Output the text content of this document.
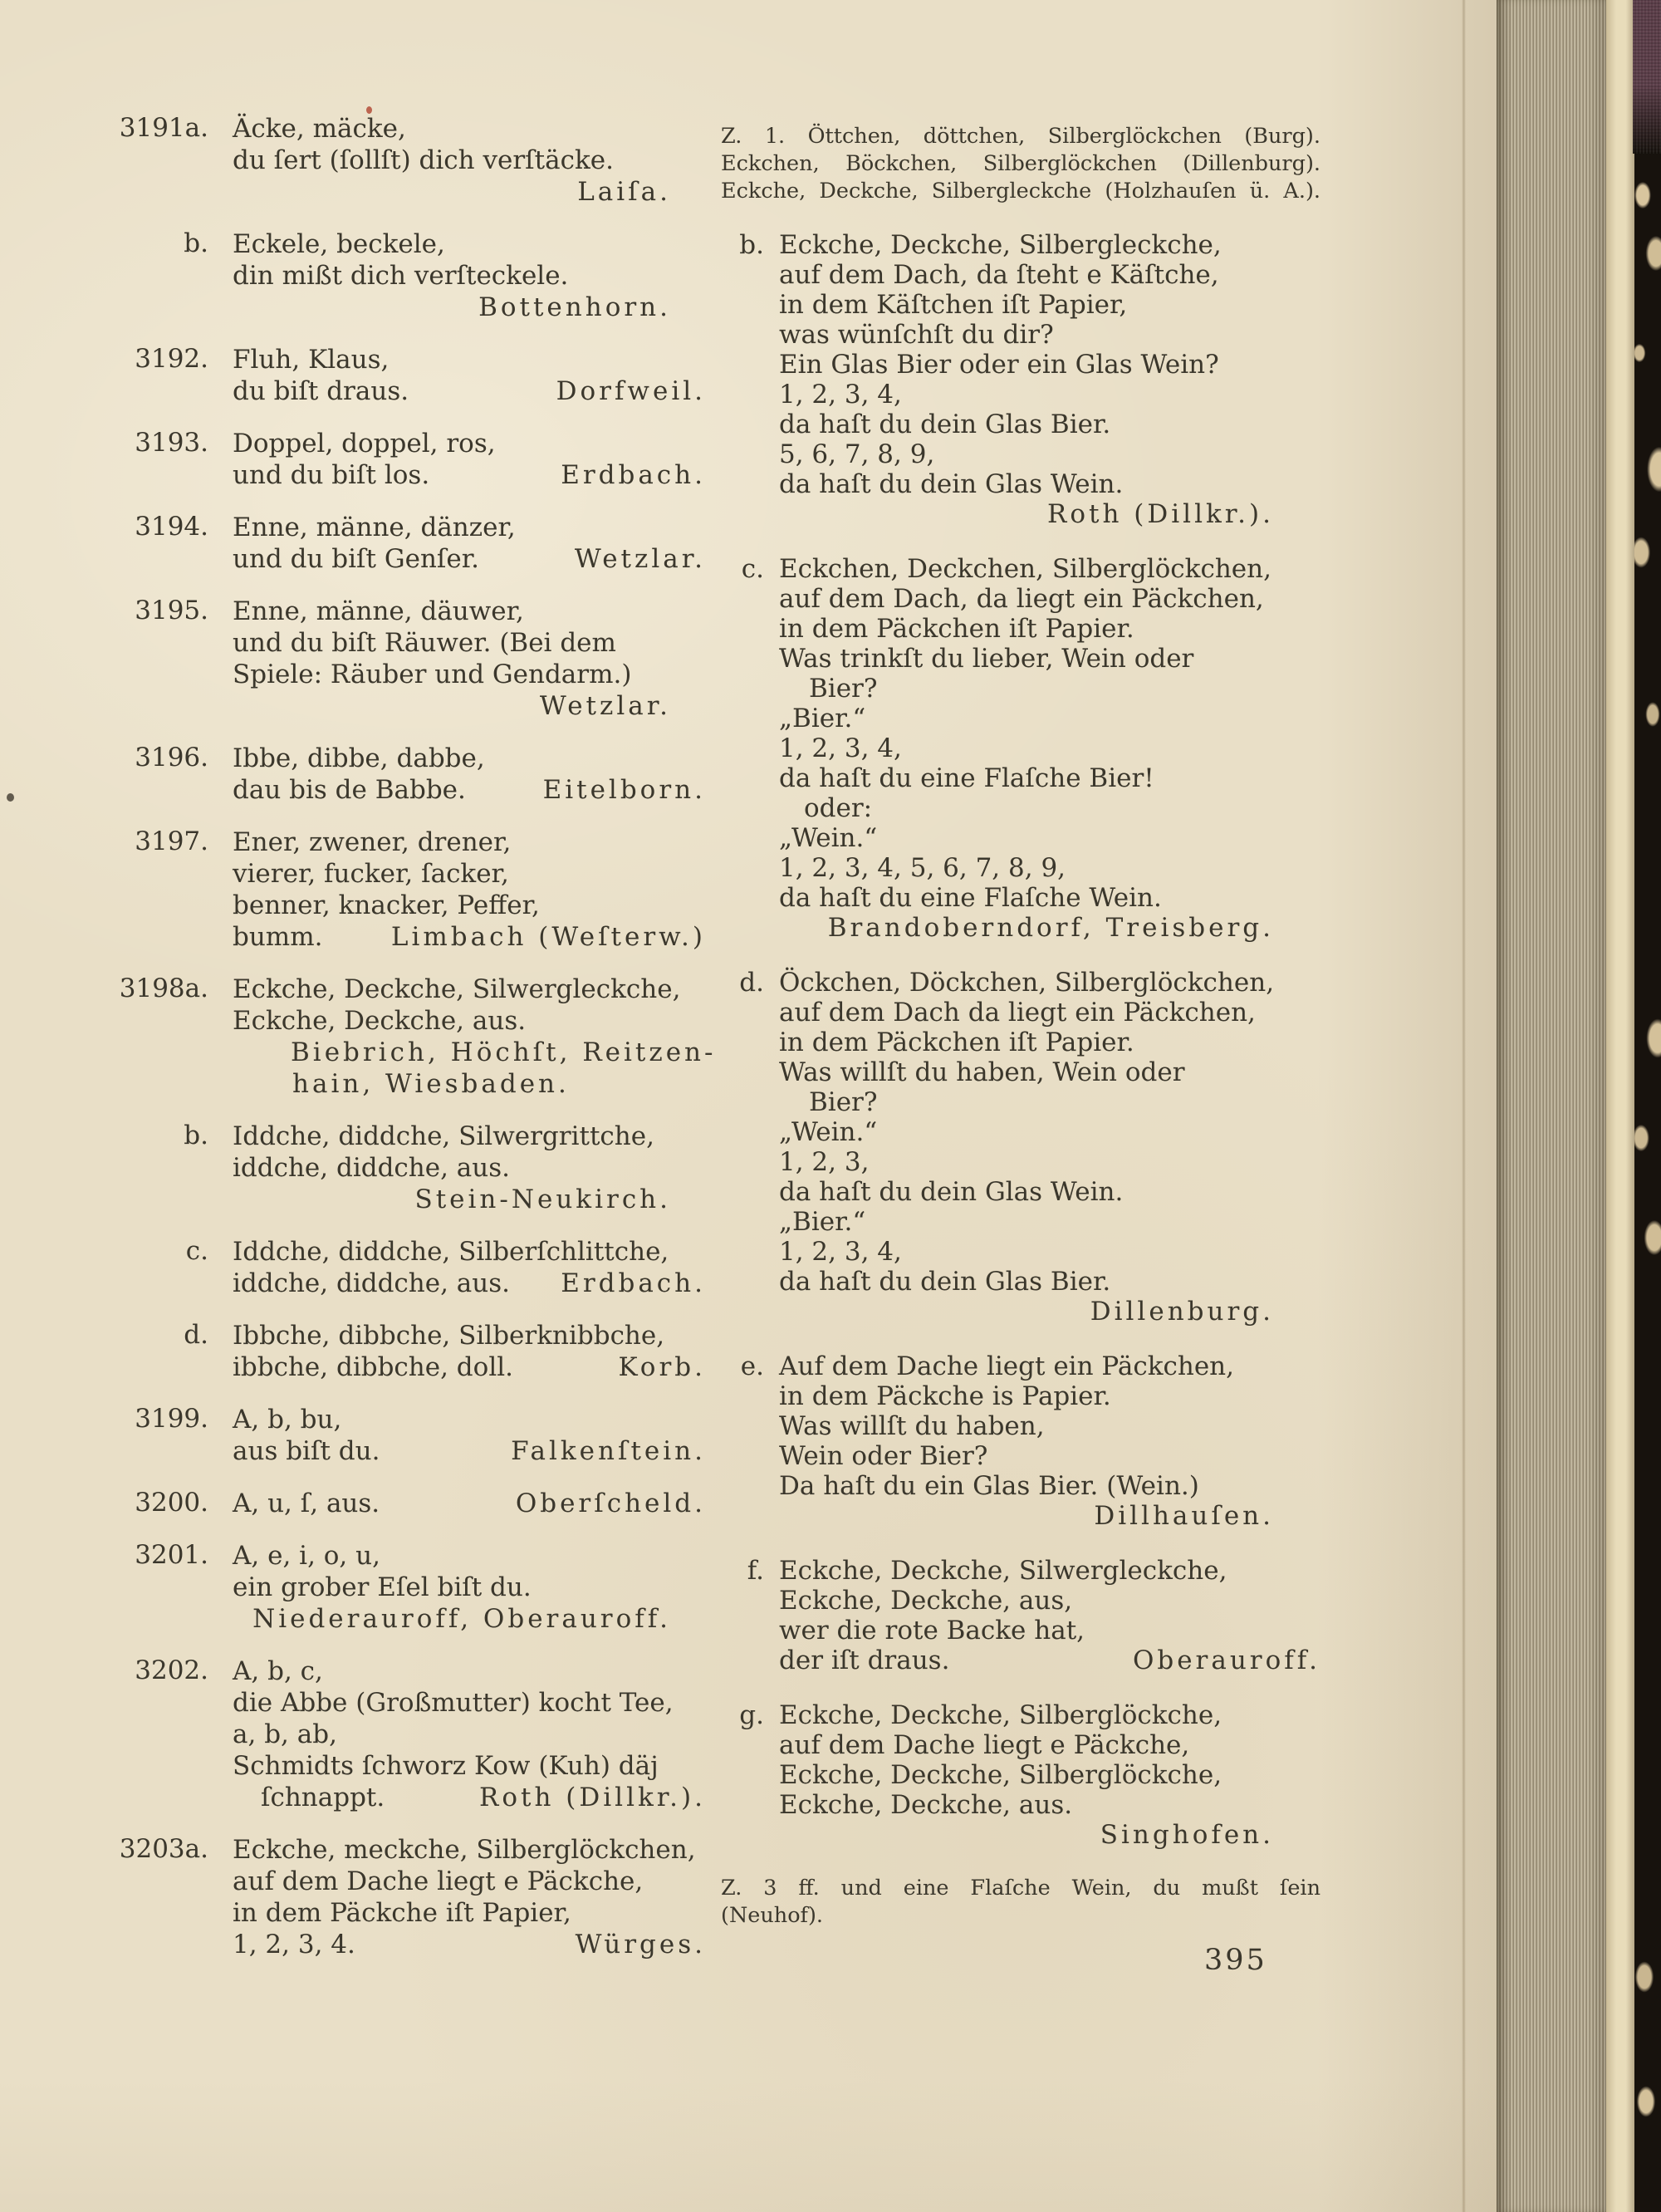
3191a. Äcke, mäcke,
du ſert (ſollſt) dich verſtäcke.
Laiſa.
b. Eckele, beckele,
din mißt dich verſteckele.
Bottenhorn.
3192. Fluh, Klaus,
du biſt draus.	Dorfweil.
3193. Doppel, doppel, ros,
und du biſt los.	Erdbach.
3194. Enne, männe, dänzer,
und du biſt Genſer.	Wetzlar.
3195. Enne, männe, däuwer,
und du biſt Räuwer. (Bei dem
Spiele: Räuber und Gendarm.)
Wetzlar.
3196. Ibbe, dibbe, dabbe,
dau bis de Babbe.	Eitelborn.
3197. Ener, zwener, drener,
vierer, fucker, ſacker,
benner, knacker, Peffer,
bumm.	Limbach (Weſterw.)
3198a. Eckche, Deckche, Silwergleckche,
Eckche, Deckche, aus.
Biebrich, Höchſt, Reitzen-
hain, Wiesbaden.
b. Iddche, diddche, Silwergrittche,
iddche, diddche, aus.
Stein-Neukirch.
c. Iddche, diddche, Silberſchlittche,
iddche, diddche, aus. Erdbach.
d. Ibbche, dibbche, Silberknibbche,
ibbche, dibbche, doll.	Korb.
3199. A, b, bu,
aus biſt du.	Falkenſtein.
3200. A, u, ſ, aus.	Oberſcheld.
3201. A, e, i, o, u,
ein grober Eſel biſt du.
Niederauroff, Oberauroff.
3202. A, b, c,
die Abbe (Großmutter) kocht Tee,
a, b, ab,
Schmidts ſchworz Kow (Kuh) däj
ſchnappt.	Roth (Dillkr.).
3203a. Eckche, meckche, Silberglöckchen,
auf dem Dache liegt e Päckche,
in dem Päckche iſt Papier,
1, 2, 3, 4.	Würges.

Z. 1. Öttchen, döttchen, Silberglöckchen (Burg). Eckchen, Böckchen, Silberglöckchen (Dillenburg). Eckche, Deckche, Silbergleckche (Holzhauſen ü. A.).

b. Eckche, Deckche, Silbergleckche,
auf dem Dach, da ſteht e Käſtche,
in dem Käſtchen iſt Papier,
was wünſchſt du dir?
Ein Glas Bier oder ein Glas Wein?
1, 2, 3, 4,
da haſt du dein Glas Bier.
5, 6, 7, 8, 9,
da haſt du dein Glas Wein.
Roth (Dillkr.).
c. Eckchen, Deckchen, Silberglöckchen,
auf dem Dach, da liegt ein Päckchen,
in dem Päckchen iſt Papier.
Was trinkſt du lieber, Wein oder
Bier?
„Bier.“
1, 2, 3, 4,
da haſt du eine Flaſche Bier!
oder:
„Wein.“
1, 2, 3, 4, 5, 6, 7, 8, 9,
da haſt du eine Flaſche Wein.
Brandoberndorf, Treisberg.
d. Öckchen, Döckchen, Silberglöckchen,
auf dem Dach da liegt ein Päckchen,
in dem Päckchen iſt Papier.
Was willſt du haben, Wein oder
Bier?
„Wein.“
1, 2, 3,
da haſt du dein Glas Wein.
„Bier.“
1, 2, 3, 4,
da haſt du dein Glas Bier.
Dillenburg.
e. Auf dem Dache liegt ein Päckchen,
in dem Päckche is Papier.
Was willſt du haben,
Wein oder Bier?
Da haſt du ein Glas Bier. (Wein.)
Dillhauſen.
f. Eckche, Deckche, Silwergleckche,
Eckche, Deckche, aus,
wer die rote Backe hat,
der iſt draus.	Oberauroff.
g. Eckche, Deckche, Silberglöckche,
auf dem Dache liegt e Päckche,
Eckche, Deckche, Silberglöckche,
Eckche, Deckche, aus.
Singhofen.
Z. 3 ff. und eine Flaſche Wein, du mußt ſein
(Neuhof).
395
